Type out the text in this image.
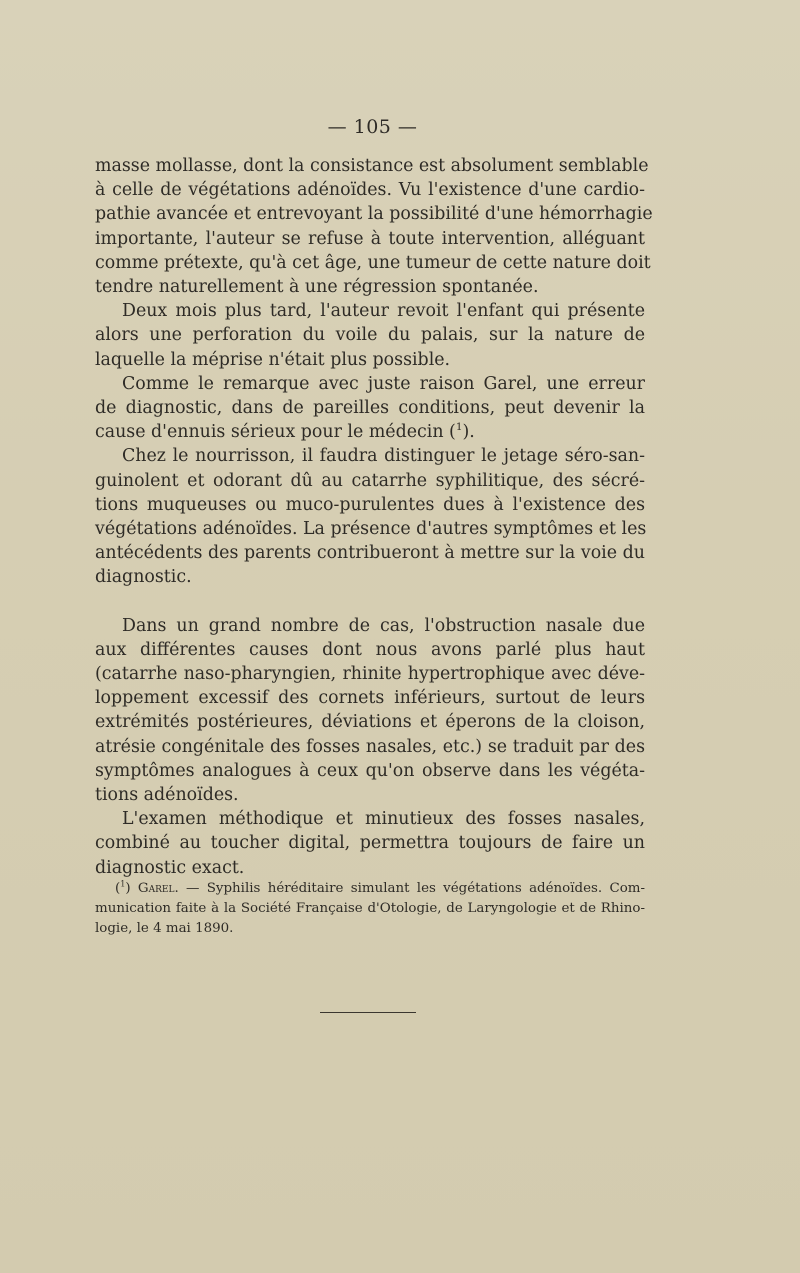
— 105 —

masse mollasse, dont la consistance est absolument semblable
à celle de végétations adénoïdes. Vu l'existence d'une cardio-
pathie avancée et entrevoyant la possibilité d'une hémorrhagie
importante, l'auteur se refuse à toute intervention, alléguant
comme prétexte, qu'à cet âge, une tumeur de cette nature doit
tendre naturellement à une régression spontanée.

Deux mois plus tard, l'auteur revoit l'enfant qui présente
alors une perforation du voile du palais, sur la nature de
laquelle la méprise n'était plus possible.

Comme le remarque avec juste raison Garel, une erreur
de diagnostic, dans de pareilles conditions, peut devenir la
cause d'ennuis sérieux pour le médecin ($^1$).

Chez le nourrisson, il faudra distinguer le jetage séro-san-
guinolent et odorant dû au catarrhe syphilitique, des sécré-
tions muqueuses ou muco-purulentes dues à l'existence des
végétations adénoïdes. La présence d'autres symptômes et les
antécédents des parents contribueront à mettre sur la voie du
diagnostic.

Dans un grand nombre de cas, l'obstruction nasale due
aux différentes causes dont nous avons parlé plus haut
(catarrhe naso-pharyngien, rhinite hypertrophique avec déve-
loppement excessif des cornets inférieurs, surtout de leurs
extrémités postérieures, déviations et éperons de la cloison,
atrésie congénitale des fosses nasales, etc.) se traduit par des
symptômes analogues à ceux qu'on observe dans les végéta-
tions adénoïdes.

L'examen méthodique et minutieux des fosses nasales,
combiné au toucher digital, permettra toujours de faire un
diagnostic exact.

($^1$) Garel. — Syphilis héréditaire simulant les végétations adénoïdes. Com-
munication faite à la Société Française d'Otologie, de Laryngologie et de Rhino-
logie, le 4 mai 1890.
